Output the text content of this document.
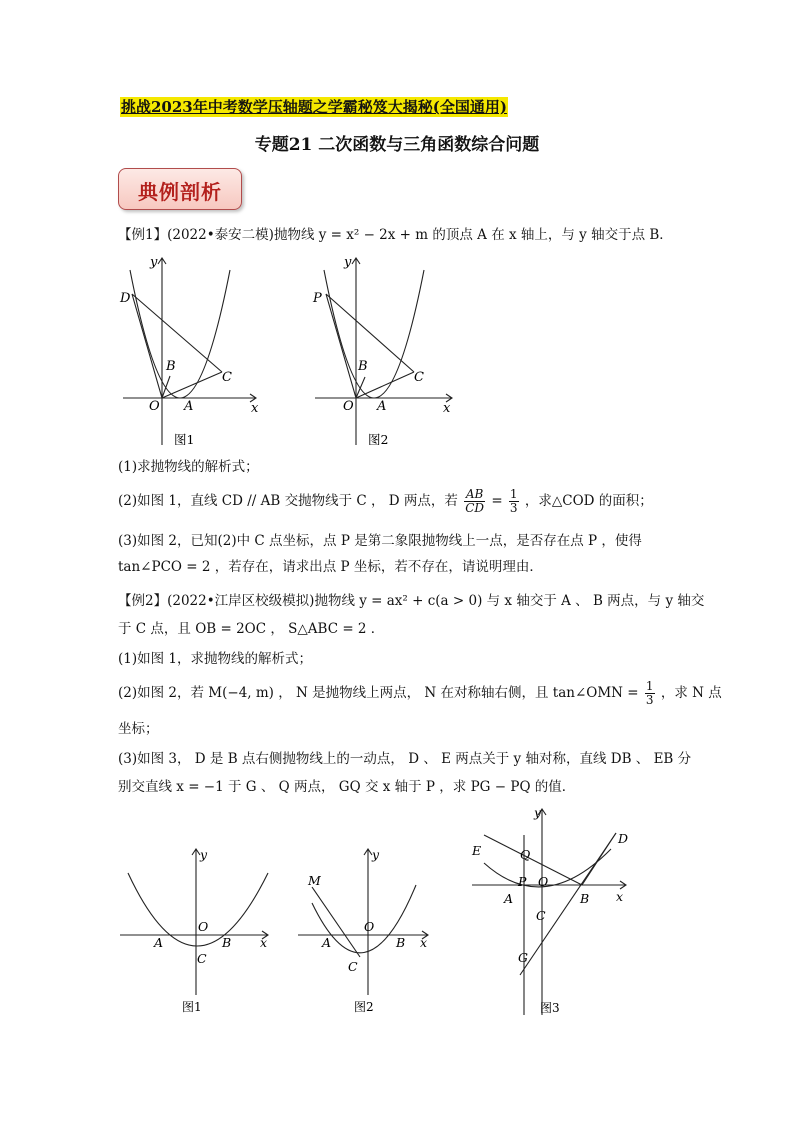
挑战2023年中考数学压轴题之学霸秘笈大揭秘(全国通用)
专题21 二次函数与三角函数综合问题
典例剖析
【例1】(2022•泰安二模)抛物线 y = x² − 2x + m 的顶点 A 在 x 轴上，与 y 轴交于点 B．
y
x
O A
B
C
D
图1
y
x
O A
B
C
P
图2
(1)求抛物线的解析式；
(2)如图 1，直线 CD // AB 交抛物线于 C ， D 两点，若 $\frac{AB}{CD} = \frac{1}{3}$ ，求△COD 的面积；
(3)如图 2，已知(2)中 C 点坐标，点 P 是第二象限抛物线上一点，是否存在点 P ，使得
tan∠PCO = 2 ，若存在，请求出点 P 坐标，若不存在，请说明理由．
【例2】(2022•江岸区校级模拟)抛物线 y = ax² + c(a > 0) 与 x 轴交于 A 、 B 两点，与 y 轴交
于 C 点，且 OB = 2OC ， S△ABC = 2 ．
(1)如图 1，求抛物线的解析式；
(2)如图 2，若 M(−4, m) ， N 是抛物线上两点， N 在对称轴右侧，且 tan∠OMN = $\frac{1}{3}$ ，求 N 点
坐标；
(3)如图 3， D 是 B 点右侧抛物线上的一动点， D 、 E 两点关于 y 轴对称，直线 DB 、 EB 分
别交直线 x = −1 于 G 、 Q 两点， GQ 交 x 轴于 P ，求 PG − PQ 的值．
y
x
O
A	B
C
图1
y
x
O
A	B
C
M
图2
y
x
O
A	B
C
D
E	Q
P
G
图3
